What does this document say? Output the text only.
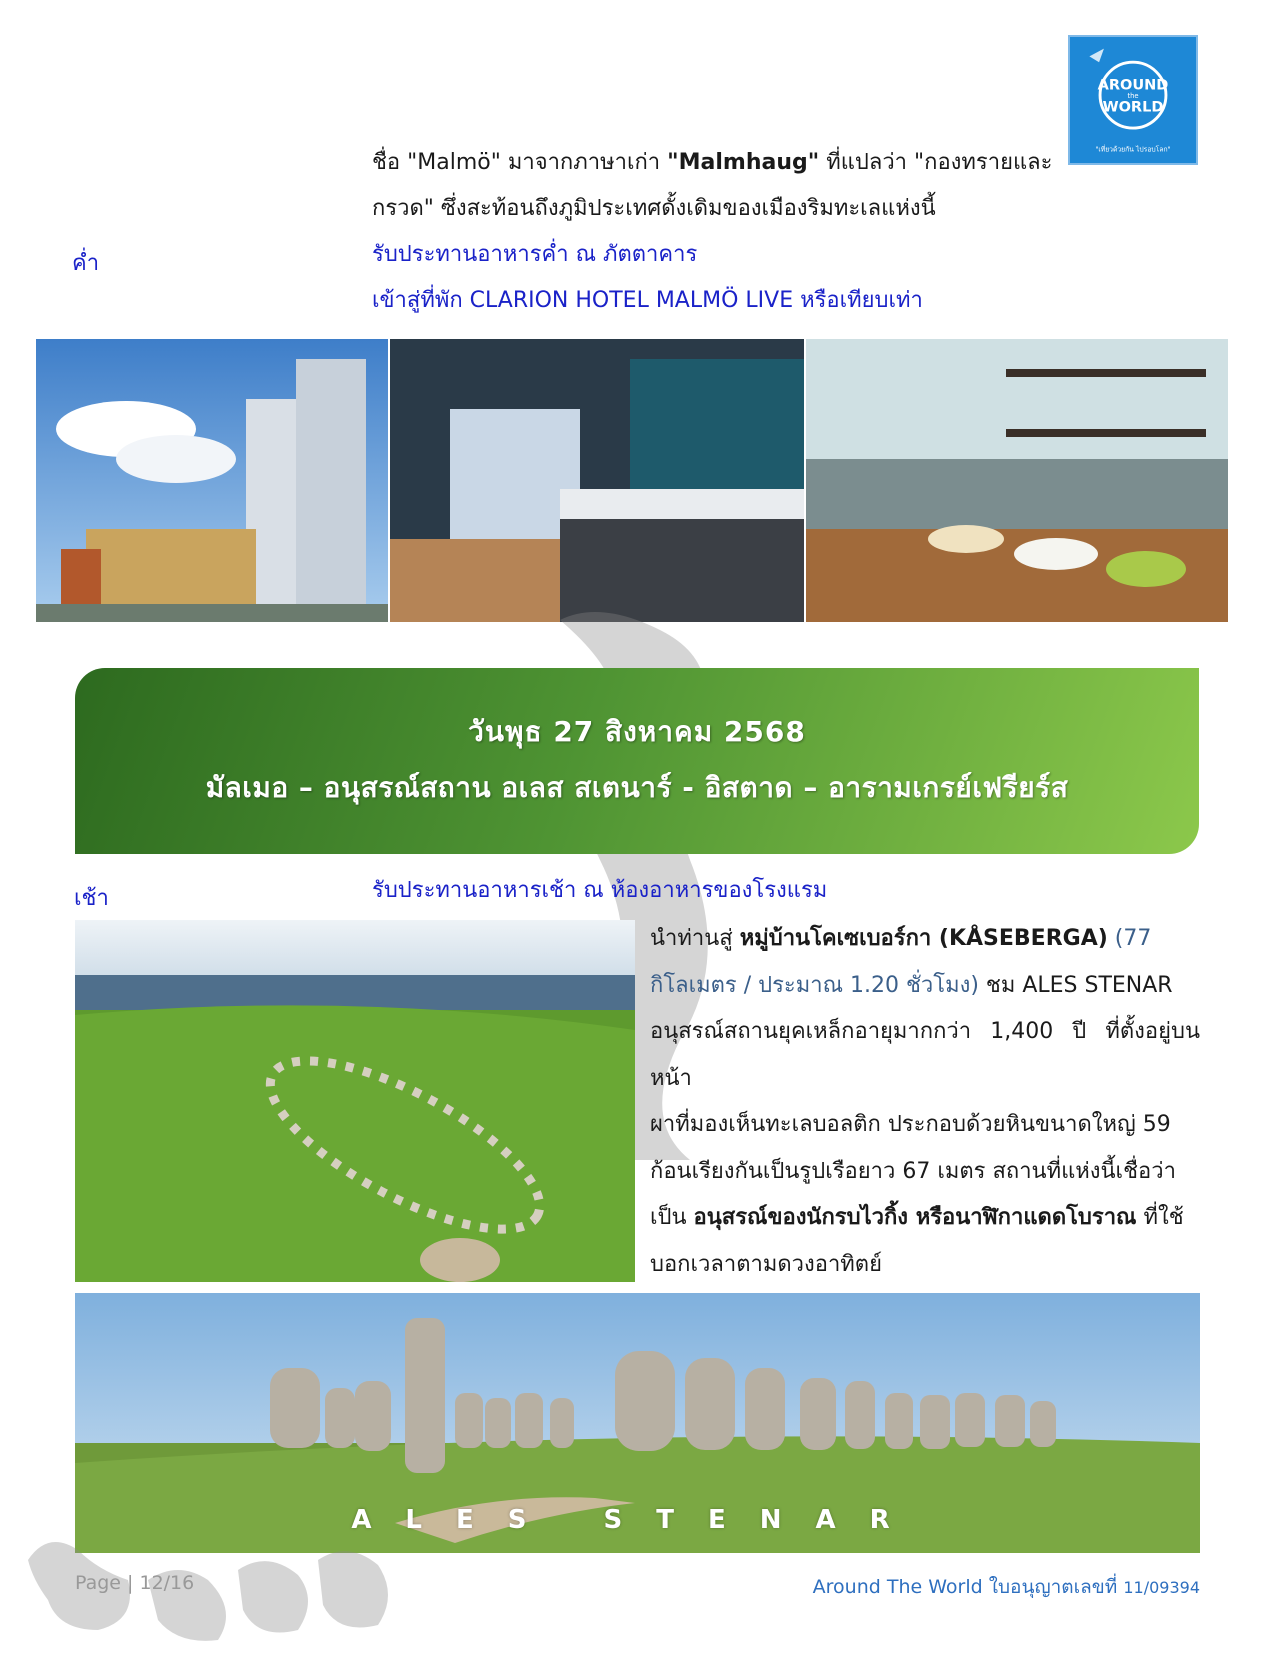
AROUND
the
WORLD
"เที่ยวด้วยกัน ไปรอบโลก"
ชื่อ "Malmö" มาจากภาษาเก่า "Malmhaug" ที่แปลว่า "กองทรายและ
กรวด" ซึ่งสะท้อนถึงภูมิประเทศดั้งเดิมของเมืองริมทะเลแห่งนี้
ค่ำ	รับประทานอาหารค่ำ ณ ภัตตาคาร
เข้าสู่ที่พัก CLARION HOTEL MALMÖ LIVE หรือเทียบเท่า
วันพุธ 27 สิงหาคม 2568
มัลเมอ – อนุสรณ์สถาน อเลส สเตนาร์ - อิสตาด – อารามเกรย์เฟรียร์ส
เช้า	รับประทานอาหารเช้า ณ ห้องอาหารของโรงแรม
นำท่านสู่ หมู่บ้านโคเซเบอร์กา (KÅSEBERGA) (77
กิโลเมตร / ประมาณ 1.20 ชั่วโมง) ชม ALES STENAR
อนุสรณ์สถานยุคเหล็กอายุมากกว่า 1,400 ปี ที่ตั้งอยู่บนหน้า
ผาที่มองเห็นทะเลบอลติก ประกอบด้วยหินขนาดใหญ่ 59
ก้อนเรียงกันเป็นรูปเรือยาว 67 เมตร สถานที่แห่งนี้เชื่อว่า
เป็น อนุสรณ์ของนักรบไวกิ้ง หรือนาฬิกาแดดโบราณ ที่ใช้
บอกเวลาตามดวงอาทิตย์
ALES STENAR
Page | 12/16	Around The World ใบอนุญาตเลขที่ 11/09394
